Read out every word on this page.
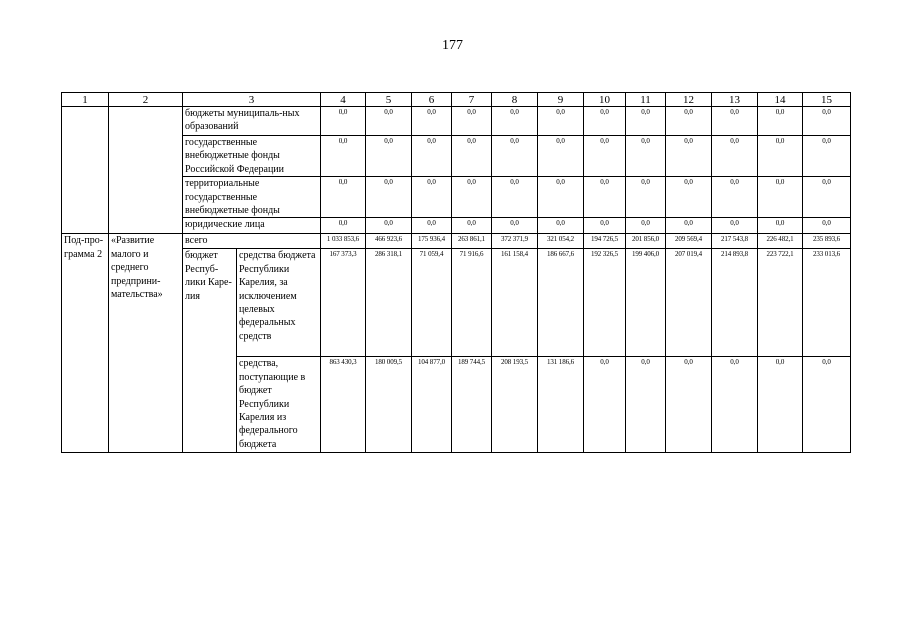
177
1	2	3		4	5	6	7	8	9	10	11	12	13	14	15
		бюджеты муниципаль-ных образований		0,0	0,0	0,0	0,0	0,0	0,0	0,0	0,0	0,0	0,0	0,0	0,0
		государственные внебюджетные фонды Российской Федерации		0,0	0,0	0,0	0,0	0,0	0,0	0,0	0,0	0,0	0,0	0,0	0,0
		территориальные государственные внебюджетные фонды		0,0	0,0	0,0	0,0	0,0	0,0	0,0	0,0	0,0	0,0	0,0	0,0
		юридические лица		0,0	0,0	0,0	0,0	0,0	0,0	0,0	0,0	0,0	0,0	0,0	0,0
Под-про-грамма 2	«Развитие малого и среднего предприни-мательства»	всего		1 033 853,6	466 923,6	175 936,4	263 861,1	372 371,9	321 054,2	194 726,5	201 856,0	209 569,4	217 543,8	226 482,1	235 893,6
		бюджет Респуб-лики Каре-лия	средства бюджета Республики Карелия, за исключением целевых федеральных средств	167 373,3	286 318,1	71 059,4	71 916,6	161 158,4	186 667,6	192 326,5	199 406,0	207 019,4	214 893,8	223 722,1	233 013,6
			средства, поступающие в бюджет Республики Карелия из федерального бюджета	863 430,3	180 009,5	104 877,0	189 744,5	208 193,5	131 186,6	0,0	0,0	0,0	0,0	0,0	0,0
